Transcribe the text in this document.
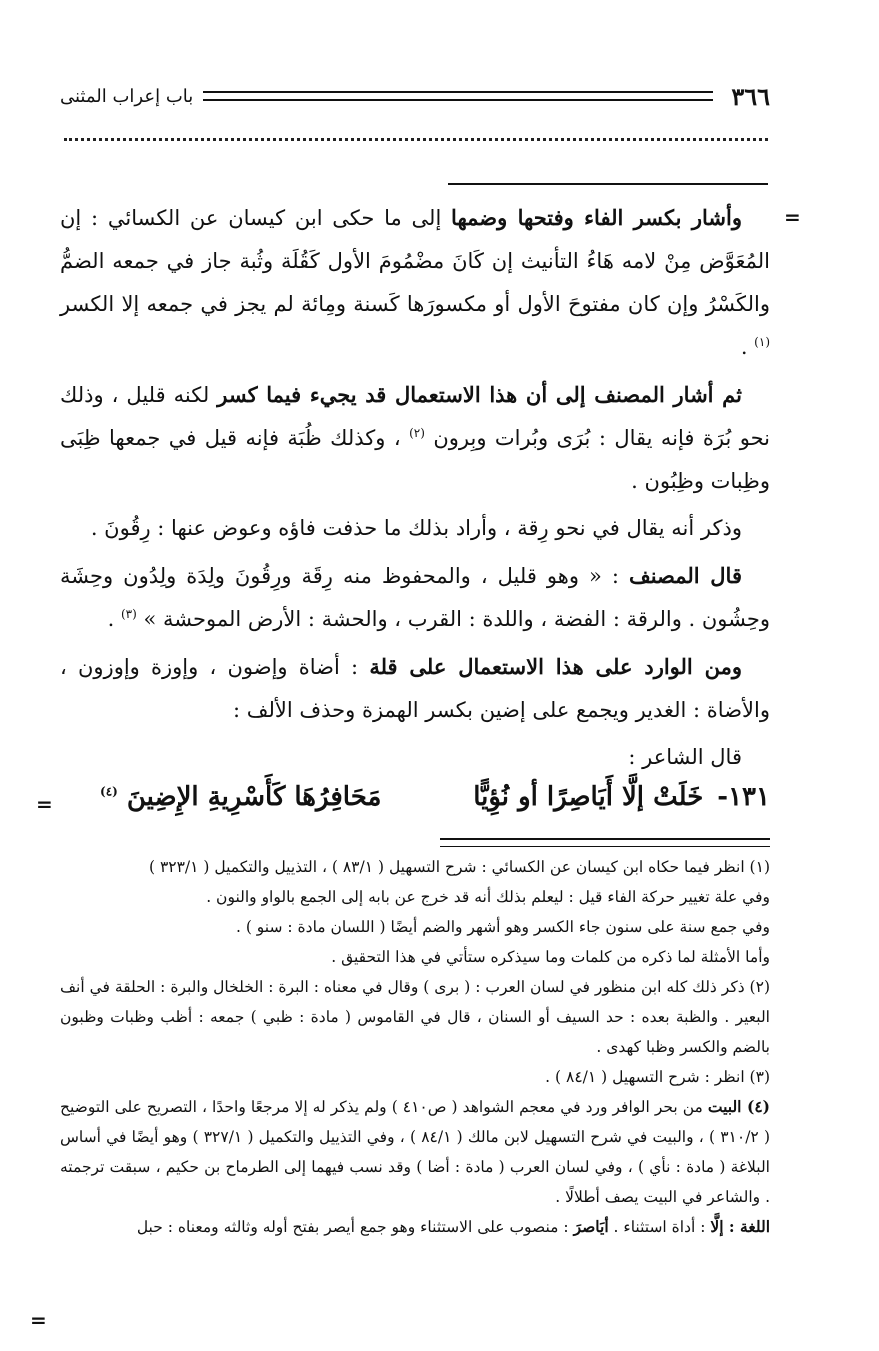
٣٦٦
باب إعراب المثنى
=

وأشار بكسر الفاء وفتحها وضمها إلى ما حكى ابن كيسان عن الكسائي : إن المُعَوَّض مِنْ لامه هَاءُ التأنيث إن كَانَ مضْمُومَ الأول كَقُلَة وثُبة جاز في جمعه الضمُّ والكَسْرُ وإن كان مفتوحَ الأول أو مكسورَها كَسنة ومِائة لم يجز في جمعه إلا الكسر $^{(١)}$ .

ثم أشار المصنف إلى أن هذا الاستعمال قد يجيء فيما كسر لكنه قليل ، وذلك نحو بُرَة فإنه يقال : بُرَى وبُرات وبِرون $^{(٢)}$ ، وكذلك ظُبَة فإنه قيل في جمعها ظِبَى وظِبات وظِبُون .

وذكر أنه يقال في نحو رِقة ، وأراد بذلك ما حذفت فاؤه وعوض عنها : رِقُونَ .

قال المصنف : « وهو قليل ، والمحفوظ منه رِقَة ورِقُونَ ولِدَة ولِدُون وحِشَة وحِشُون . والرقة : الفضة ، واللدة : القرب ، والحشة : الأرض الموحشة » $^{(٣)}$ .

ومن الوارد على هذا الاستعمال على قلة : أضاة وإضون ، وإوزة وإوزون ، والأضاة : الغدير ويجمع على إضين بكسر الهمزة وحذف الألف :

قال الشاعر :

١٣١-خَلَتْ إلَّا أَيَاصِرًا أو نُؤِيًّا
مَحَافِرُهَا كَأَسْرِيةِ الإِضِينَ $^{(٤)}$
=

(١) انظر فيما حكاه ابن كيسان عن الكسائي : شرح التسهيل ( ٨٣/١ ) ، التذييل والتكميل ( ٣٢٣/١ )

وفي علة تغيير حركة الفاء قيل : ليعلم بذلك أنه قد خرج عن بابه إلى الجمع بالواو والنون .

وفي جمع سنة على سنون جاء الكسر وهو أشهر والضم أيضًا ( اللسان مادة : سنو ) .

وأما الأمثلة لما ذكره من كلمات وما سيذكره ستأتي في هذا التحقيق .

(٢) ذكر ذلك كله ابن منظور في لسان العرب : ( برى ) وقال في معناه : البرة : الخلخال والبرة : الحلقة في أنف البعير . والظبة بعده : حد السيف أو السنان ، قال في القاموس ( مادة : ظبي ) جمعه : أظب وظبات وظبون بالضم والكسر وظبا كهدى .

(٣) انظر : شرح التسهيل ( ٨٤/١ ) .

(٤) البيت من بحر الوافر ورد في معجم الشواهد ( ص٤١٠ ) ولم يذكر له إلا مرجعًا واحدًا ، التصريح على التوضيح ( ٣١٠/٢ ) ، والبيت في شرح التسهيل لابن مالك ( ٨٤/١ ) ، وفي التذييل والتكميل ( ٣٢٧/١ ) وهو أيضًا في أساس البلاغة ( مادة : نأي ) ، وفي لسان العرب ( مادة : أضا ) وقد نسب فيهما إلى الطرماح بن حكيم ، سبقت ترجمته . والشاعر في البيت يصف أطلالًا .

اللغة : إلَّا : أداة استثناء . أيَاصرَ : منصوب على الاستثناء وهو جمع أيصر بفتح أوله وثالثه ومعناه : حبل

=
